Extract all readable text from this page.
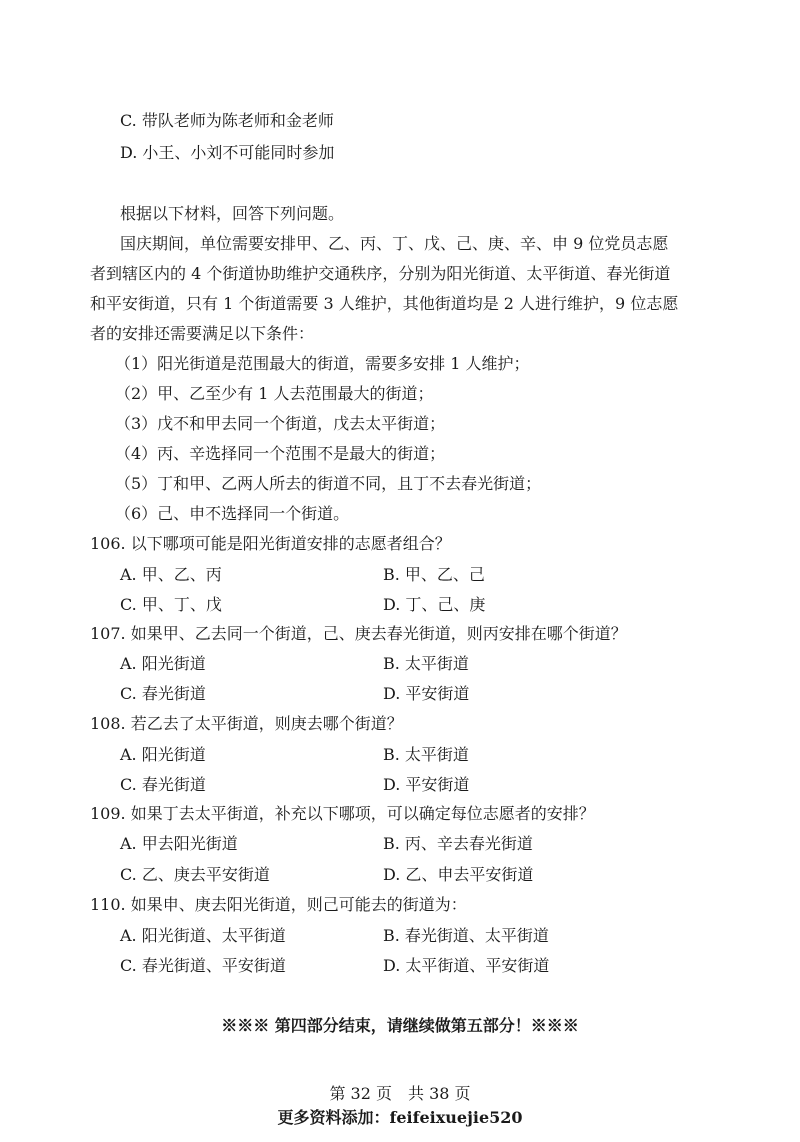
C. 带队老师为陈老师和金老师
D. 小王、小刘不可能同时参加
根据以下材料，回答下列问题。
国庆期间，单位需要安排甲、乙、丙、丁、戊、己、庚、辛、申 9 位党员志愿
者到辖区内的 4 个街道协助维护交通秩序，分别为阳光街道、太平街道、春光街道
和平安街道，只有 1 个街道需要 3 人维护，其他街道均是 2 人进行维护，9 位志愿
者的安排还需要满足以下条件：
（1）阳光街道是范围最大的街道，需要多安排 1 人维护；
（2）甲、乙至少有 1 人去范围最大的街道；
（3）戊不和甲去同一个街道，戊去太平街道；
（4）丙、辛选择同一个范围不是最大的街道；
（5）丁和甲、乙两人所去的街道不同，且丁不去春光街道；
（6）己、申不选择同一个街道。
106. 以下哪项可能是阳光街道安排的志愿者组合？
A. 甲、乙、丙	B. 甲、乙、己
C. 甲、丁、戊	D. 丁、己、庚
107. 如果甲、乙去同一个街道，己、庚去春光街道，则丙安排在哪个街道？
A. 阳光街道	B. 太平街道
C. 春光街道	D. 平安街道
108. 若乙去了太平街道，则庚去哪个街道？
A. 阳光街道	B. 太平街道
C. 春光街道	D. 平安街道
109. 如果丁去太平街道，补充以下哪项，可以确定每位志愿者的安排？
A. 甲去阳光街道	B. 丙、辛去春光街道
C. 乙、庚去平安街道	D. 乙、申去平安街道
110. 如果申、庚去阳光街道，则己可能去的街道为：
A. 阳光街道、太平街道	B. 春光街道、太平街道
C. 春光街道、平安街道	D. 太平街道、平安街道
※※※ 第四部分结束，请继续做第五部分！※※※
第 32 页　共 38 页
更多资料添加：feifeixuejie520
